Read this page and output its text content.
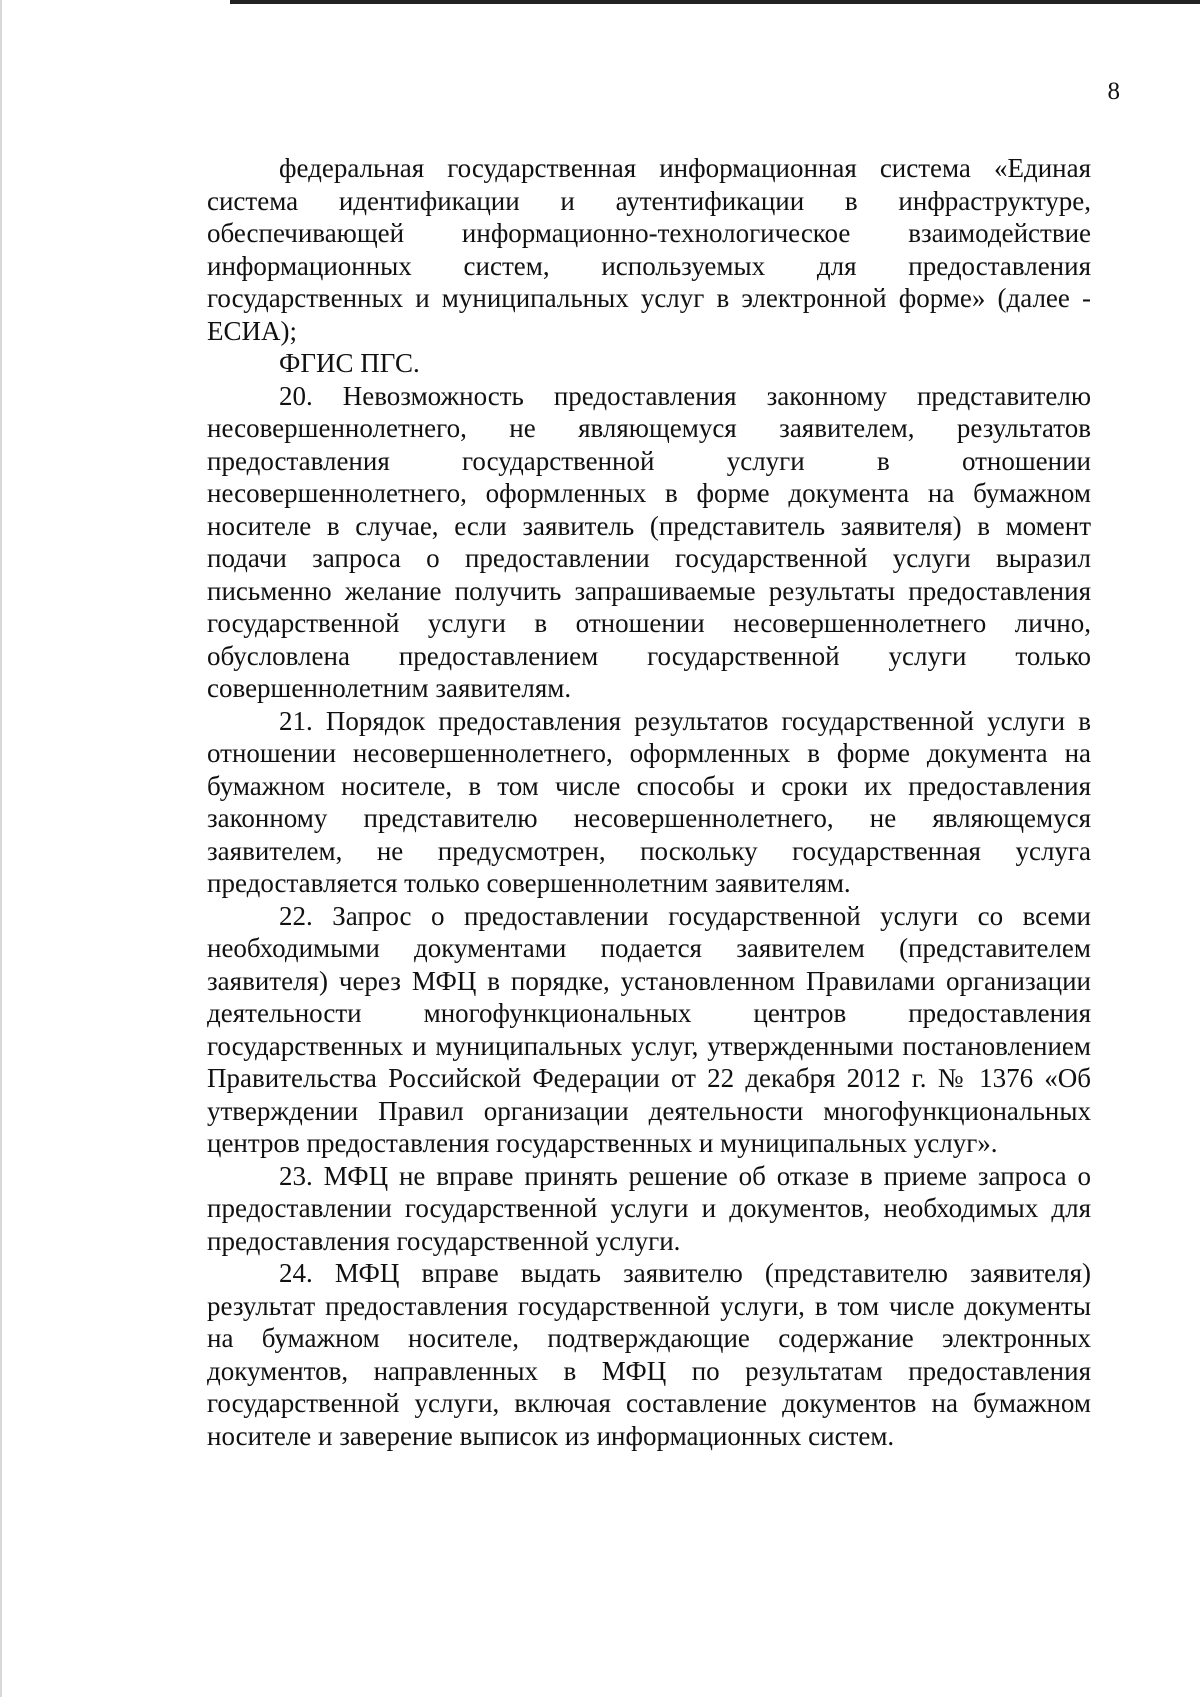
8

федеральная государственная информационная система «Единая система идентификации и аутентификации в инфраструктуре, обеспечивающей информационно-технологическое взаимодействие информационных систем, используемых для предоставления государственных и муниципальных услуг в электронной форме» (далее - ЕСИА);

ФГИС ПГС.

20. Невозможность предоставления законному представителю несовершеннолетнего, не являющемуся заявителем, результатов предоставления государственной услуги в отношении несовершеннолетнего, оформленных в форме документа на бумажном носителе в случае, если заявитель (представитель заявителя) в момент подачи запроса о предоставлении государственной услуги выразил письменно желание получить запрашиваемые результаты предоставления государственной услуги в отношении несовершеннолетнего лично, обусловлена предоставлением государственной услуги только совершеннолетним заявителям.

21. Порядок предоставления результатов государственной услуги в отношении несовершеннолетнего, оформленных в форме документа на бумажном носителе, в том числе способы и сроки их предоставления законному представителю несовершеннолетнего, не являющемуся заявителем, не предусмотрен, поскольку государственная услуга предоставляется только совершеннолетним заявителям.

22. Запрос о предоставлении государственной услуги со всеми необходимыми документами подается заявителем (представителем заявителя) через МФЦ в порядке, установленном Правилами организации деятельности многофункциональных центров предоставления государственных и муниципальных услуг, утвержденными постановлением Правительства Российской Федерации от 22 декабря 2012 г. № 1376 «Об утверждении Правил организации деятельности многофункциональных центров предоставления государственных и муниципальных услуг».

23. МФЦ не вправе принять решение об отказе в приеме запроса о предоставлении государственной услуги и документов, необходимых для предоставления государственной услуги.

24. МФЦ вправе выдать заявителю (представителю заявителя) результат предоставления государственной услуги, в том числе документы на бумажном носителе, подтверждающие содержание электронных документов, направленных в МФЦ по результатам предоставления государственной услуги, включая составление документов на бумажном носителе и заверение выписок из информационных систем.
